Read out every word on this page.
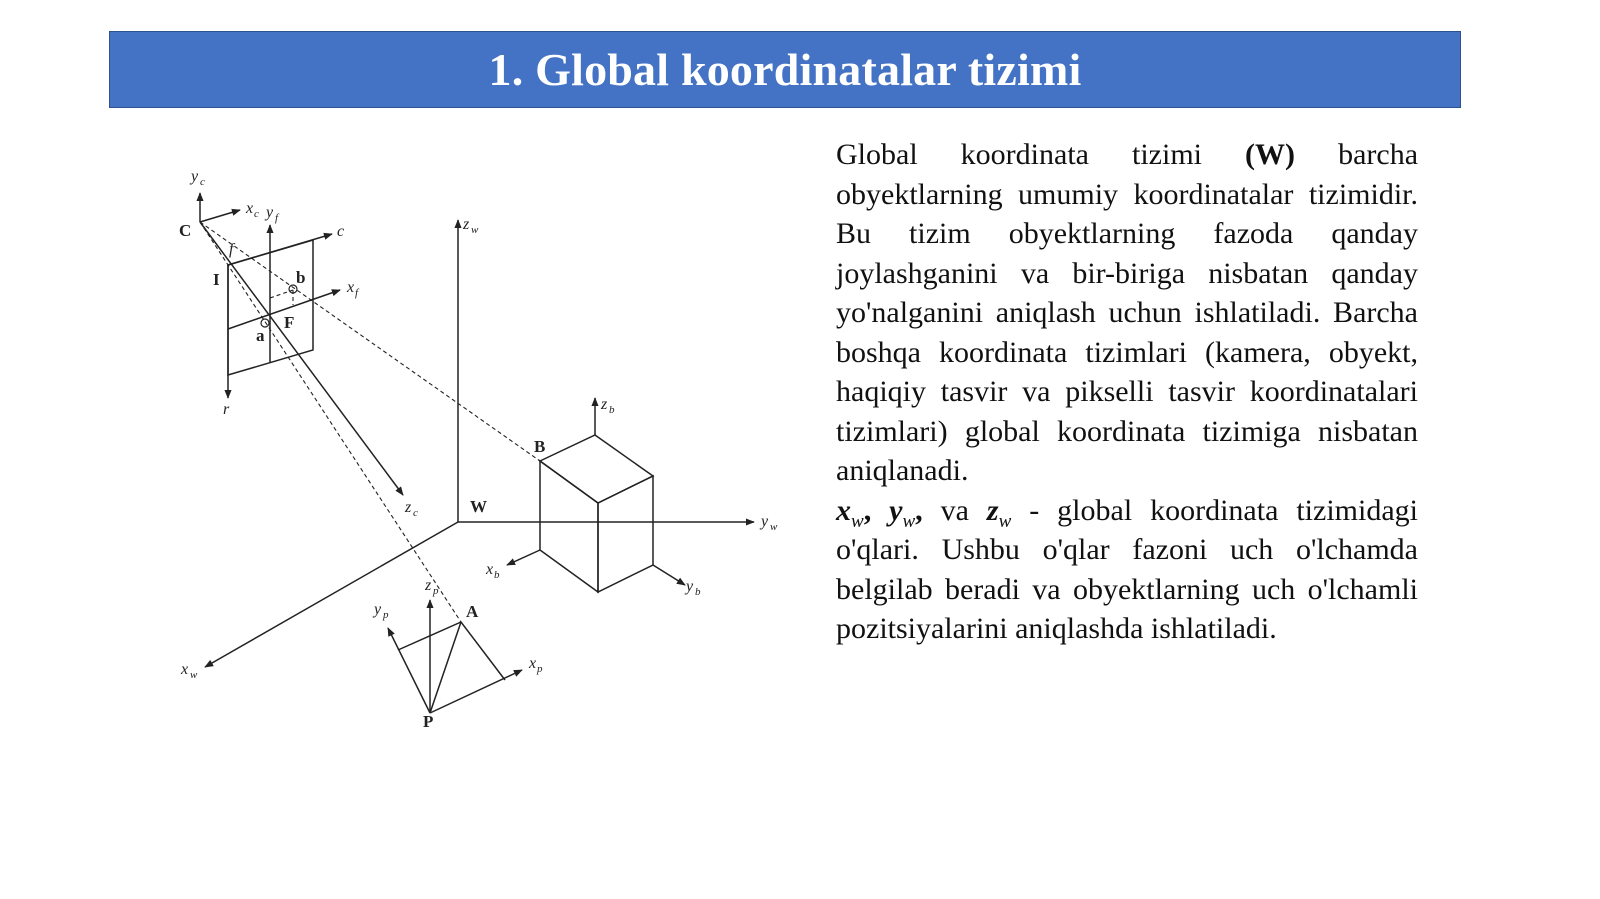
1. Global koordinatalar tizimi
C
I
F
a
b
f
c
r
W
B
A
P
y c
x c y f
x f
z c
z w
y w
x w
z b
x b
y b
z p
y p
x p

Global koordinata tizimi (W) barcha obyektlarning umumiy koordinatalar tizimidir. Bu tizim obyektlarning fazoda qanday joylashganini va bir-biriga nisbatan qanday yo'nalganini aniqlash uchun ishlatiladi. Barcha boshqa koordinata tizimlari (kamera, obyekt, haqiqiy tasvir va pikselli tasvir koordinatalari tizimlari) global koordinata tizimiga nisbatan aniqlanadi.

$x_w$, $y_w$, va $z_w$ - global koordinata tizimidagi o'qlari. Ushbu o'qlar fazoni uch o'lchamda belgilab beradi va obyektlarning uch o'lchamli pozitsiyalarini aniqlashda ishlatiladi.
